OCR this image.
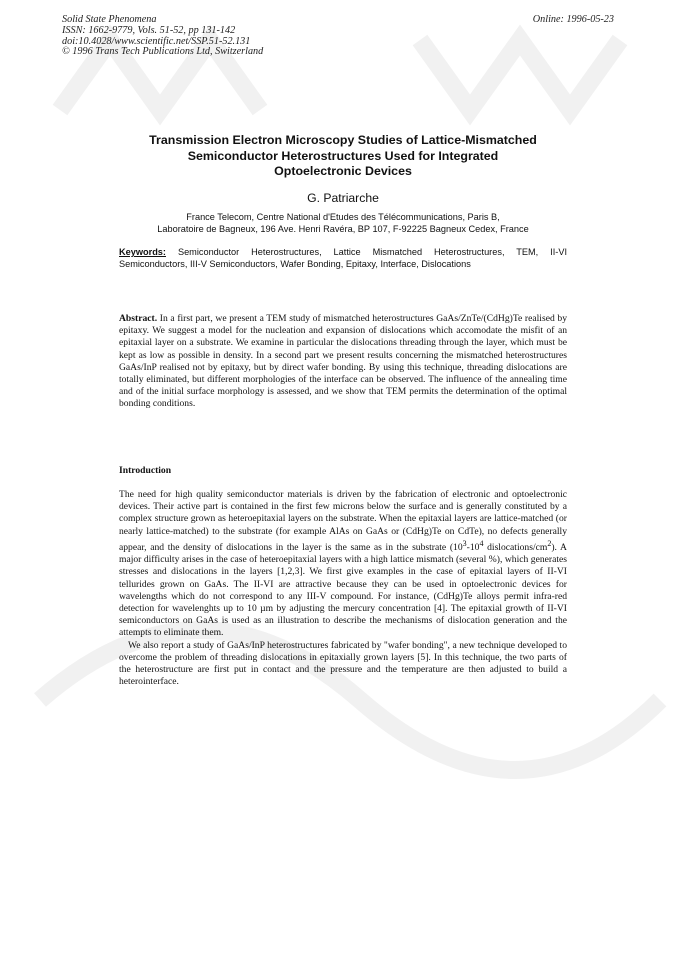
Solid State Phenomena
ISSN: 1662-9779, Vols. 51-52, pp 131-142
doi:10.4028/www.scientific.net/SSP.51-52.131
© 1996 Trans Tech Publications Ltd, Switzerland
Online: 1996-05-23
Transmission Electron Microscopy Studies of Lattice-Mismatched
Semiconductor Heterostructures Used for Integrated
Optoelectronic Devices
G. Patriarche
France Telecom, Centre National d'Etudes des Télécommunications, Paris B,
Laboratoire de Bagneux, 196 Ave. Henri Ravéra, BP 107, F-92225 Bagneux Cedex, France
Keywords: Semiconductor Heterostructures, Lattice Mismatched Heterostructures, TEM, II-VI Semiconductors, III-V Semiconductors, Wafer Bonding, Epitaxy, Interface, Dislocations
Abstract. In a first part, we present a TEM study of mismatched heterostructures GaAs/ZnTe/(CdHg)Te realised by epitaxy. We suggest a model for the nucleation and expansion of dislocations which accomodate the misfit of an epitaxial layer on a substrate. We examine in particular the dislocations threading through the layer, which must be kept as low as possible in density. In a second part we present results concerning the mismatched heterostructures GaAs/InP realised not by epitaxy, but by direct wafer bonding. By using this technique, threading dislocations are totally eliminated, but different morphologies of the interface can be observed. The influence of the annealing time and of the initial surface morphology is assessed, and we show that TEM permits the determination of the optimal bonding conditions.
Introduction

The need for high quality semiconductor materials is driven by the fabrication of electronic and optoelectronic devices. Their active part is contained in the first few microns below the surface and is generally constituted by a complex structure grown as heteroepitaxial layers on the substrate. When the epitaxial layers are lattice-matched (or nearly lattice-matched) to the substrate (for example AlAs on GaAs or (CdHg)Te on CdTe), no defects generally appear, and the density of dislocations in the layer is the same as in the substrate ($10^3-10^4$ dislocations/$cm^2$). A major difficulty arises in the case of heteroepitaxial layers with a high lattice mismatch (several %), which generates stresses and dislocations in the layers [1,2,3]. We first give examples in the case of epitaxial layers of II-VI tellurides grown on GaAs. The II-VI are attractive because they can be used in optoelectronic devices for wavelengths which do not correspond to any III-V compound. For instance, (CdHg)Te alloys permit infra-red detection for wavelenghts up to 10 µm by adjusting the mercury concentration [4]. The epitaxial growth of II-VI semiconductors on GaAs is used as an illustration to describe the mechanisms of dislocation generation and the attempts to eliminate them.

We also report a study of GaAs/InP heterostructures fabricated by "wafer bonding", a new technique developed to overcome the problem of threading dislocations in epitaxially grown layers [5]. In this technique, the two parts of the heterostructure are first put in contact and the pressure and the temperature are then adjusted to build a heterointerface.
